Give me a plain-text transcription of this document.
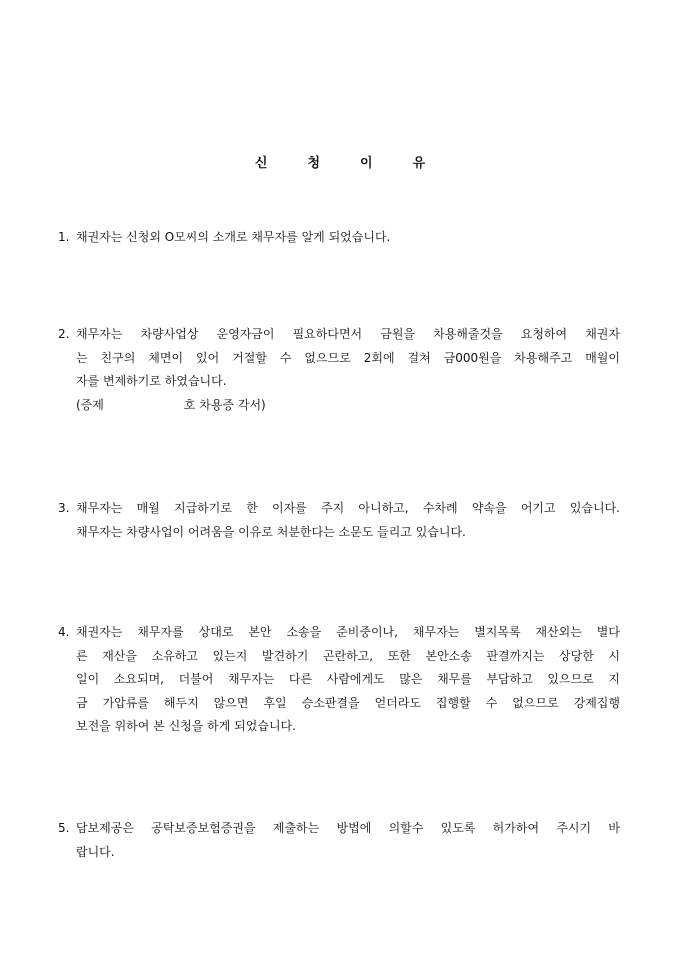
신	청	이	유
1. 채권자는 신청외 O모씨의 소개로 채무자를 알게 되었습니다.

2. 채무자는 차량사업상 운영자금이 필요하다면서 금원을 차용해줄것을 요청하여 채권자

는 친구의 체면이 있어 거절할 수 없으므로 2회에 걸쳐 금000원을 차용해주고 매월이

자를 변제하기로 하였습니다.

(증제	호 차용증 각서)

3. 채무자는 매월 지급하기로 한 이자를 주지 아니하고, 수차례 약속을 어기고 있습니다.

채무자는 차량사업이 어려움을 이유로 처분한다는 소문도 들리고 있습니다.

4. 채권자는 채무자를 상대로 본안 소송을 준비중이나, 채무자는 별지목록 재산외는 별다

른 재산을 소유하고 있는지 발견하기 곤란하고, 또한 본안소송 판결까지는 상당한 시

일이 소요되며, 더불어 채무자는 다른 사람에게도 많은 채무를 부담하고 있으므로 지

금 가압류를 해두지 않으면 후일 승소판결을 얻더라도 집행할 수 없으므로 강제집행

보전을 위하여 본 신청을 하게 되었습니다.

5. 담보제공은 공탁보증보험증권을 제출하는 방법에 의할수 있도록 허가하여 주시기 바

랍니다.
